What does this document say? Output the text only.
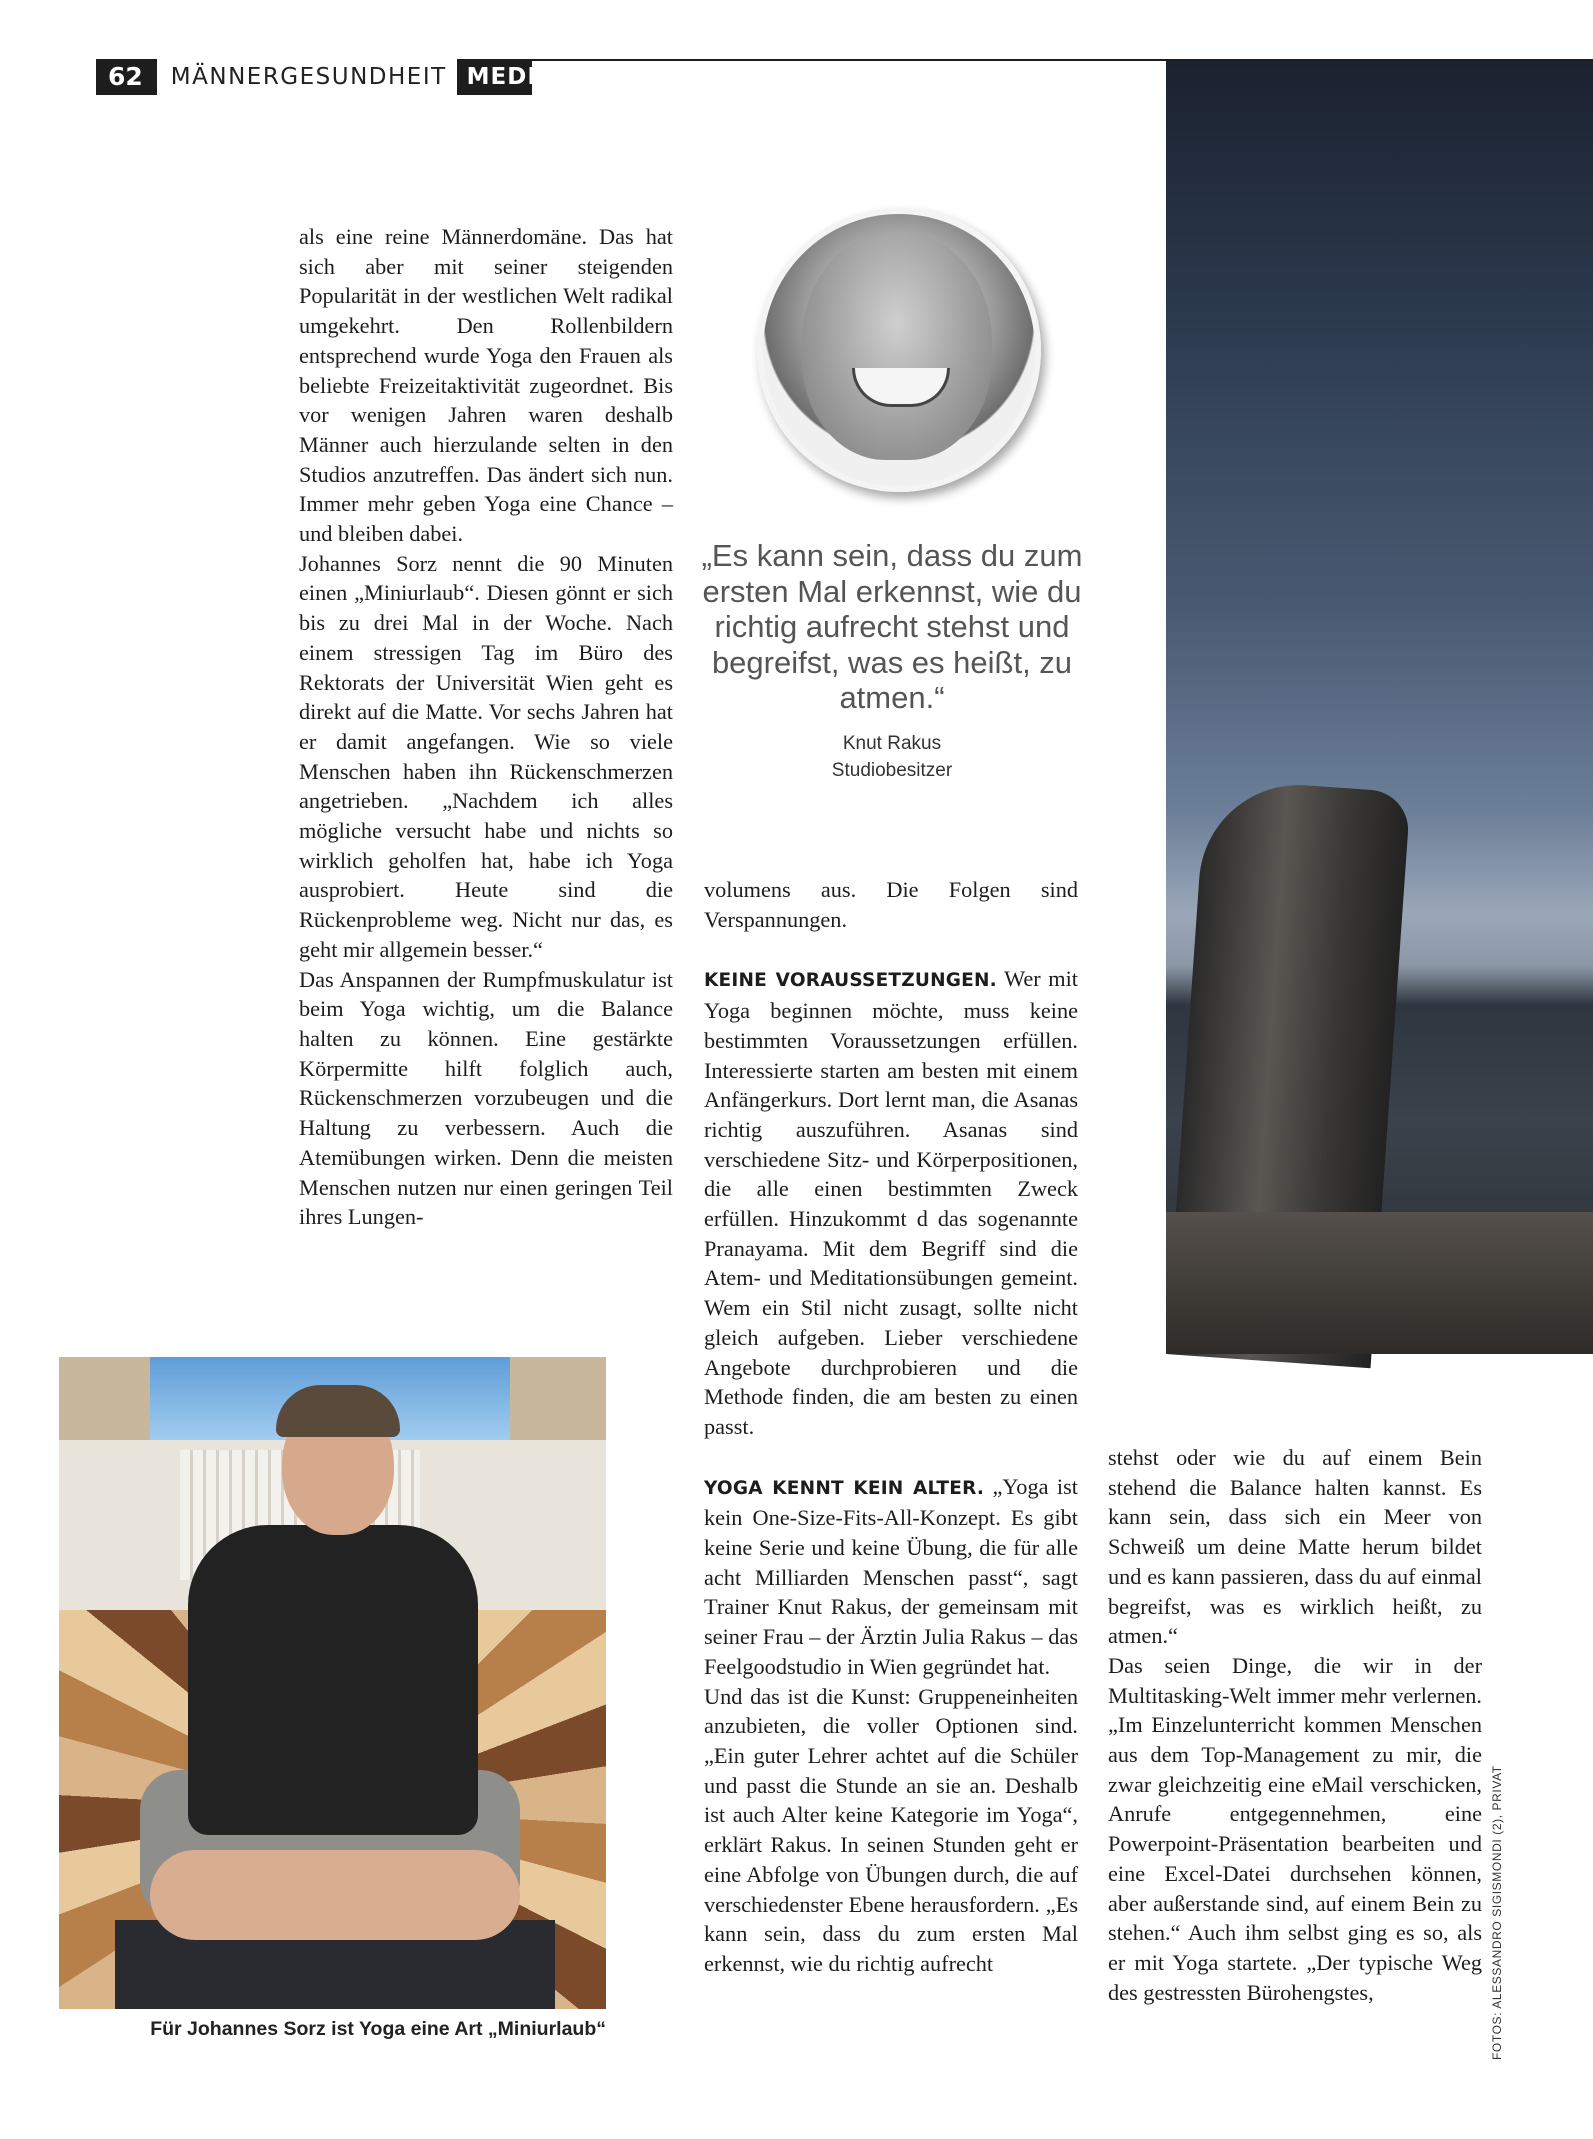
62	MÄNNERGESUNDHEIT MEDICO

als eine reine Männerdomäne. Das hat sich aber mit seiner steigenden Popularität in der westlichen Welt radikal umgekehrt. Den Rollenbildern entsprechend wurde Yoga den Frauen als beliebte Freizeitaktivität zugeordnet. Bis vor wenigen Jahren waren deshalb Männer auch hierzulande selten in den Studios anzutreffen. Das ändert sich nun. Immer mehr geben Yoga eine Chance – und bleiben dabei.

Johannes Sorz nennt die 90 Minuten einen „Miniurlaub“. Diesen gönnt er sich bis zu drei Mal in der Woche. Nach einem stressigen Tag im Büro des Rektorats der Universität Wien geht es direkt auf die Matte. Vor sechs Jahren hat er damit angefangen. Wie so viele Menschen haben ihn Rückenschmerzen angetrieben. „Nachdem ich alles mögliche versucht habe und nichts so wirklich geholfen hat, habe ich Yoga ausprobiert. Heute sind die Rückenprobleme weg. Nicht nur das, es geht mir allgemein besser.“

Das Anspannen der Rumpfmuskulatur ist beim Yoga wichtig, um die Balance halten zu können. Eine gestärkte Körpermitte hilft folglich auch, Rückenschmerzen vorzubeugen und die Haltung zu verbessern. Auch die Atemübungen wirken. Denn die meisten Menschen nutzen nur einen geringen Teil ihres Lungen-

„Es kann sein, dass du zum ersten Mal erkennst, wie du richtig aufrecht stehst und begreifst, was es heißt, zu atmen.“
Knut Rakus
Studiobesitzer

volumens aus. Die Folgen sind Verspannungen.

KEINE VORAUSSETZUNGEN. Wer mit Yoga beginnen möchte, muss keine bestimmten Voraussetzungen erfüllen. Interessierte starten am besten mit einem Anfängerkurs. Dort lernt man, die Asanas richtig auszuführen. Asanas sind verschiedene Sitz- und Körperpositionen, die alle einen bestimmten Zweck erfüllen. Hinzukommt d das sogenannte Pranayama. Mit dem Begriff sind die Atem- und Meditationsübungen gemeint. Wem ein Stil nicht zusagt, sollte nicht gleich aufgeben. Lieber verschiedene Angebote durchprobieren und die Methode finden, die am besten zu einen passt.

YOGA KENNT KEIN ALTER. „Yoga ist kein One-Size-Fits-All-Konzept. Es gibt keine Serie und keine Übung, die für alle acht Milliarden Menschen passt“, sagt Trainer Knut Rakus, der gemeinsam mit seiner Frau – der Ärztin Julia Rakus – das Feelgoodstudio in Wien gegründet hat.

Und das ist die Kunst: Gruppeneinheiten anzubieten, die voller Optionen sind. „Ein guter Lehrer achtet auf die Schüler und passt die Stunde an sie an. Deshalb ist auch Alter keine Kategorie im Yoga“, erklärt Rakus. In seinen Stunden geht er eine Abfolge von Übungen durch, die auf verschiedenster Ebene herausfordern. „Es kann sein, dass du zum ersten Mal erkennst, wie du richtig aufrecht

stehst oder wie du auf einem Bein stehend die Balance halten kannst. Es kann sein, dass sich ein Meer von Schweiß um deine Matte herum bildet und es kann passieren, dass du auf einmal begreifst, was es wirklich heißt, zu atmen.“

Das seien Dinge, die wir in der Multitasking-Welt immer mehr verlernen. „Im Einzelunterricht kommen Menschen aus dem Top-Management zu mir, die zwar gleichzeitig eine eMail verschicken, Anrufe entgegennehmen, eine Powerpoint-Präsentation bearbeiten und eine Excel-Datei durchsehen können, aber außerstande sind, auf einem Bein zu stehen.“ Auch ihm selbst ging es so, als er mit Yoga startete. „Der typische Weg des gestressten Bürohengstes,

Für Johannes Sorz ist Yoga eine Art „Miniurlaub“	FOTOS: ALESSANDRO SIGISMONDI (2), PRIVAT
